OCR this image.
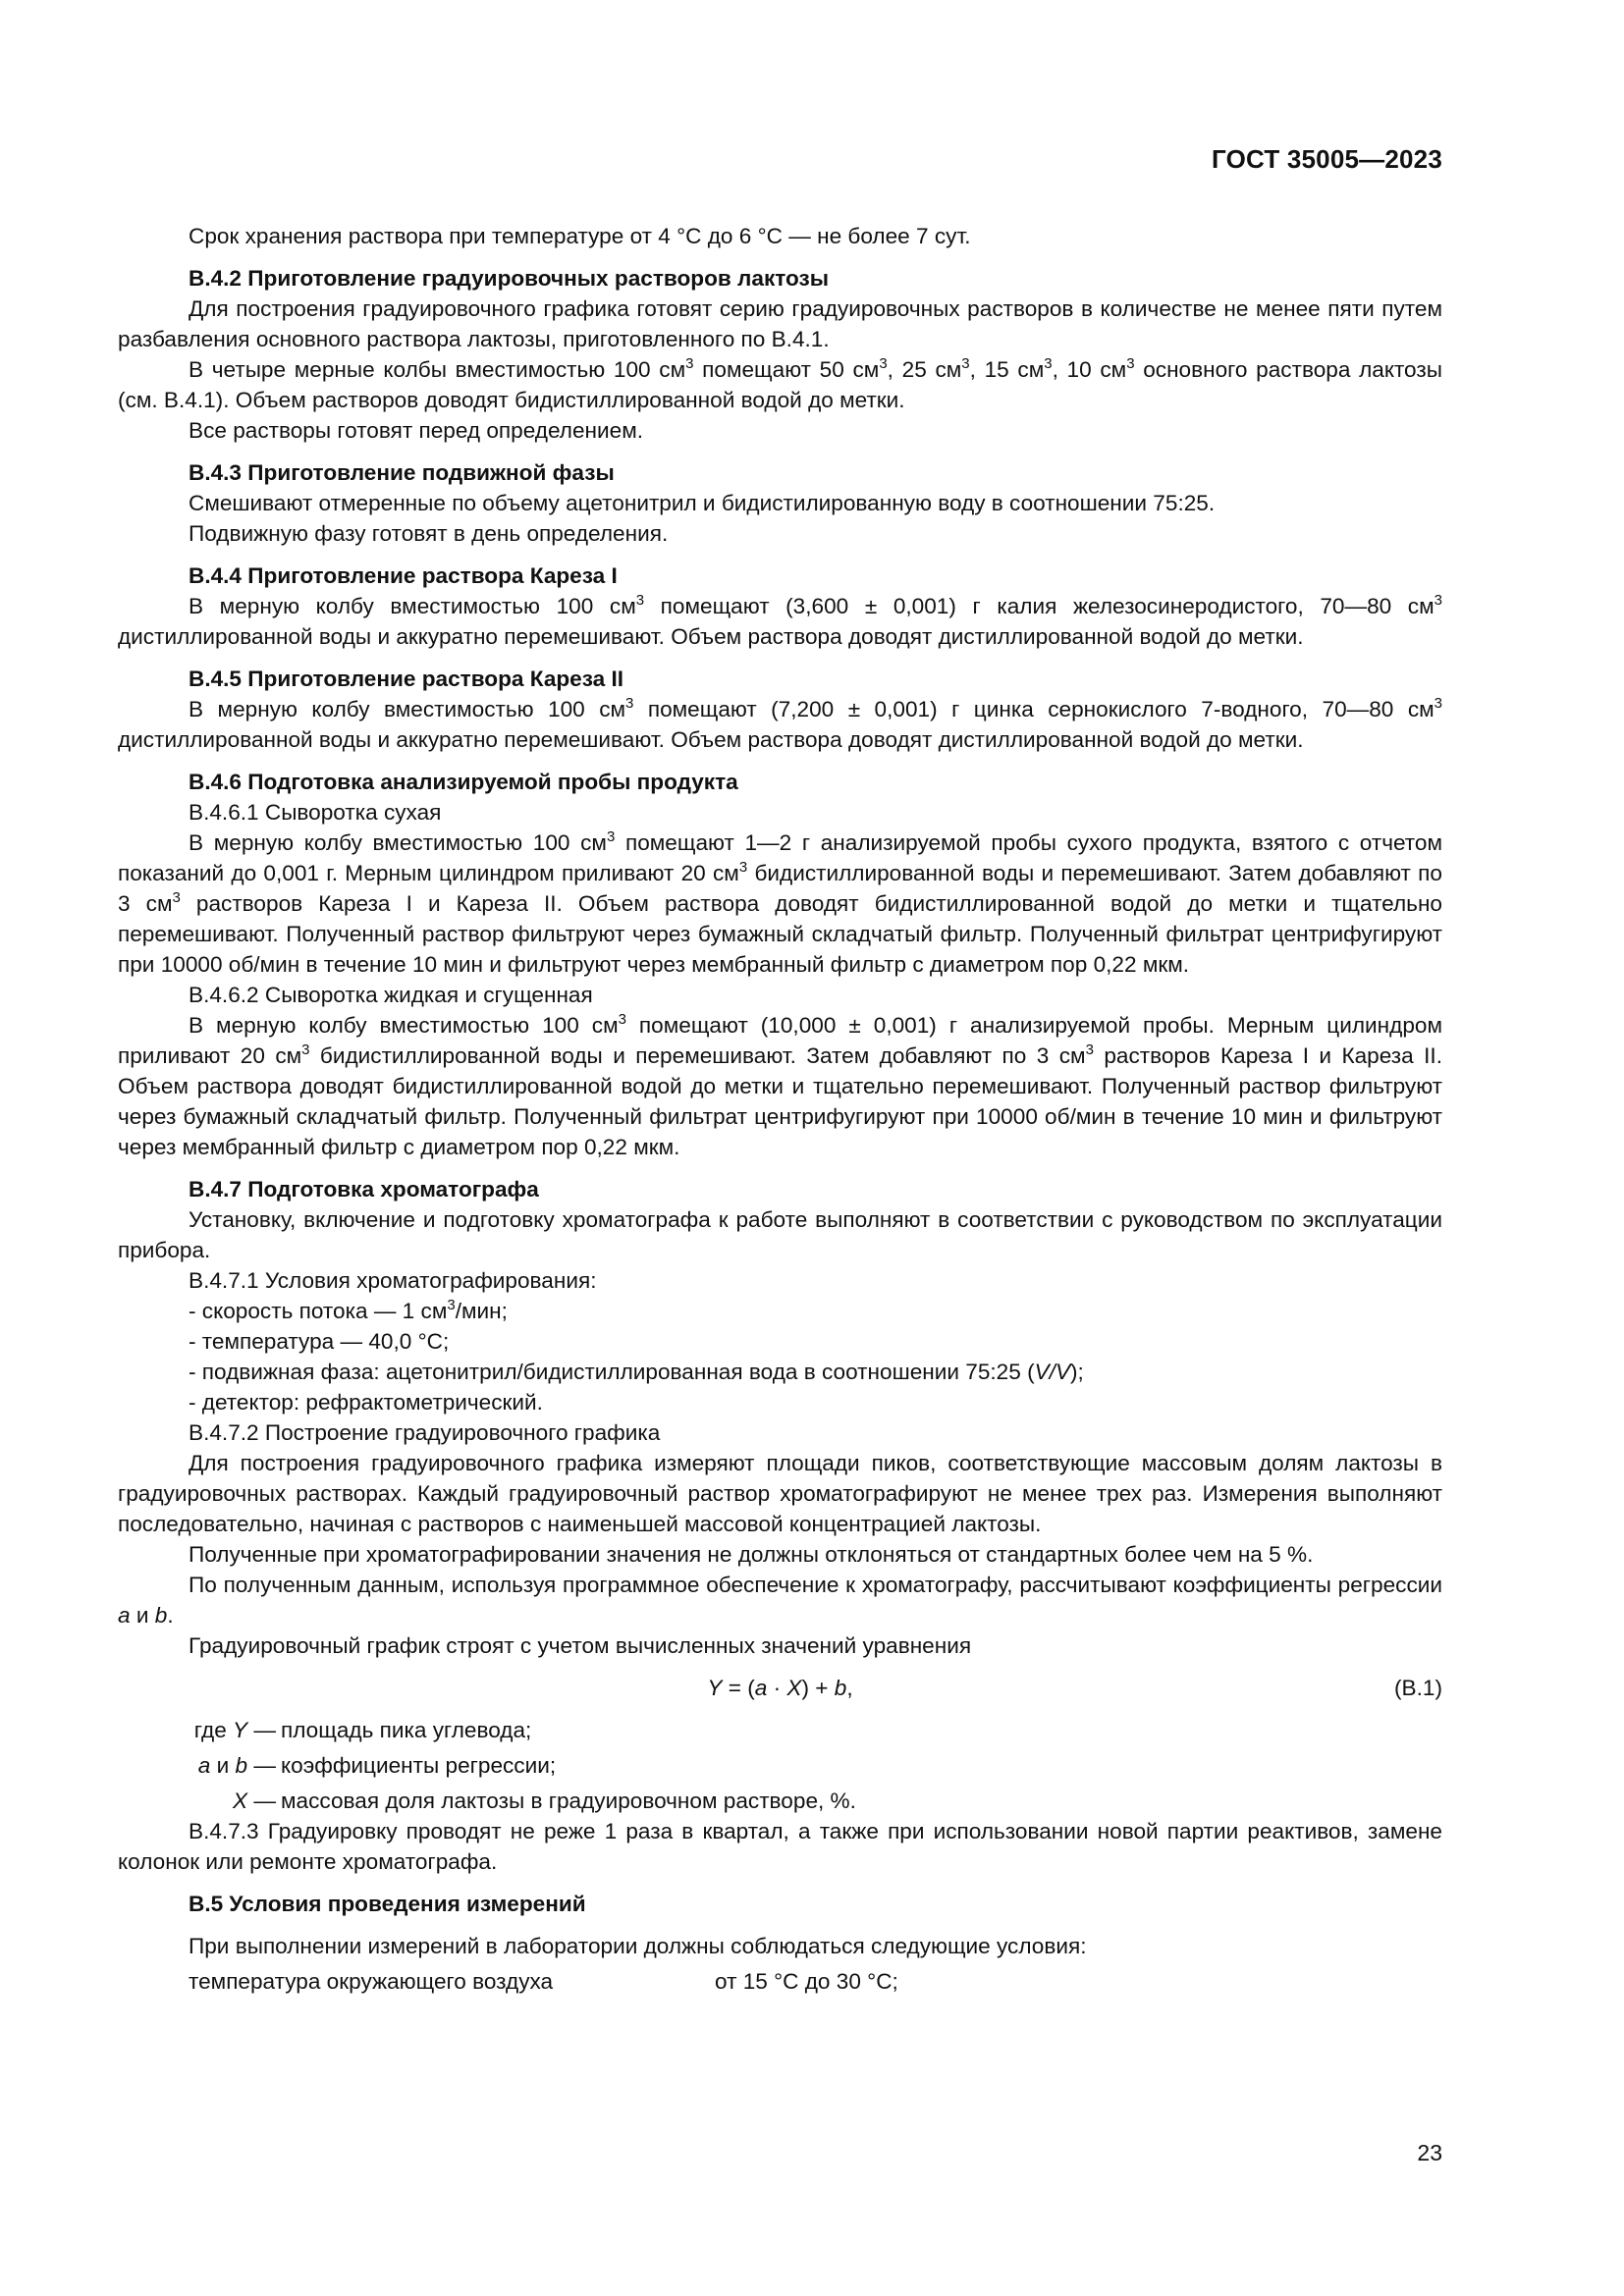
ГОСТ 35005—2023

Срок хранения раствора при температуре от 4 °С до 6 °С — не более 7 сут.

В.4.2 Приготовление градуировочных растворов лактозы

Для построения градуировочного графика готовят серию градуировочных растворов в количестве не менее пяти путем разбавления основного раствора лактозы, приготовленного по В.4.1.

В четыре мерные колбы вместимостью 100 $см^3$ помещают 50 $см^3$, 25 $см^3$, 15 $см^3$, 10 $см^3$ основного раствора лактозы (см. В.4.1). Объем растворов доводят бидистиллированной водой до метки.

Все растворы готовят перед определением.

В.4.3 Приготовление подвижной фазы

Смешивают отмеренные по объему ацетонитрил и бидистилированную воду в соотношении 75:25.

Подвижную фазу готовят в день определения.

В.4.4 Приготовление раствора Кареза I

В мерную колбу вместимостью 100 $см^3$ помещают (3,600 ± 0,001) г калия железосинеродистого, 70—80 $см^3$ дистиллированной воды и аккуратно перемешивают. Объем раствора доводят дистиллированной водой до метки.

В.4.5 Приготовление раствора Кареза II

В мерную колбу вместимостью 100 $см^3$ помещают (7,200 ± 0,001) г цинка сернокислого 7-водного, 70—80 $см^3$ дистиллированной воды и аккуратно перемешивают. Объем раствора доводят дистиллированной водой до метки.

В.4.6 Подготовка анализируемой пробы продукта

В.4.6.1 Сыворотка сухая

В мерную колбу вместимостью 100 $см^3$ помещают 1—2 г анализируемой пробы сухого продукта, взятого с отчетом показаний до 0,001 г. Мерным цилиндром приливают 20 $см^3$ бидистиллированной воды и перемешивают. Затем добавляют по 3 $см^3$ растворов Кареза I и Кареза II. Объем раствора доводят бидистиллированной водой до метки и тщательно перемешивают. Полученный раствор фильтруют через бумажный складчатый фильтр. Полученный фильтрат центрифугируют при 10000 об/мин в течение 10 мин и фильтруют через мембранный фильтр с диаметром пор 0,22 мкм.

В.4.6.2 Сыворотка жидкая и сгущенная

В мерную колбу вместимостью 100 $см^3$ помещают (10,000 ± 0,001) г анализируемой пробы. Мерным цилиндром приливают 20 $см^3$ бидистиллированной воды и перемешивают. Затем добавляют по 3 $см^3$ растворов Кареза I и Кареза II. Объем раствора доводят бидистиллированной водой до метки и тщательно перемешивают. Полученный раствор фильтруют через бумажный складчатый фильтр. Полученный фильтрат центрифугируют при 10000 об/мин в течение 10 мин и фильтруют через мембранный фильтр с диаметром пор 0,22 мкм.

В.4.7 Подготовка хроматографа

Установку, включение и подготовку хроматографа к работе выполняют в соответствии с руководством по эксплуатации прибора.

В.4.7.1 Условия хроматографирования:

- скорость потока — 1 $см^3$/мин;

- температура — 40,0 °С;

- подвижная фаза: ацетонитрил/бидистиллированная вода в соотношении 75:25 (V/V);

- детектор: рефрактометрический.

В.4.7.2 Построение градуировочного графика

Для построения градуировочного графика измеряют площади пиков, соответствующие массовым долям лактозы в градуировочных растворах. Каждый градуировочный раствор хроматографируют не менее трех раз. Измерения выполняют последовательно, начиная с растворов с наименьшей массовой концентрацией лактозы.

Полученные при хроматографировании значения не должны отклоняться от стандартных более чем на 5 %.

По полученным данным, используя программное обеспечение к хроматографу, рассчитывают коэффициенты регрессии a и b.

Градуировочный график строят с учетом вычисленных значений уравнения

Y = (a · X) + b,	(В.1)
где Y — площадь пика углевода;
a и b — коэффициенты регрессии;
X — массовая доля лактозы в градуировочном растворе, %.

В.4.7.3 Градуировку проводят не реже 1 раза в квартал, а также при использовании новой партии реактивов, замене колонок или ремонте хроматографа.

В.5 Условия проведения измерений

При выполнении измерений в лаборатории должны соблюдаться следующие условия:

температура окружающего воздуха	от 15 °С до 30 °С;
23
